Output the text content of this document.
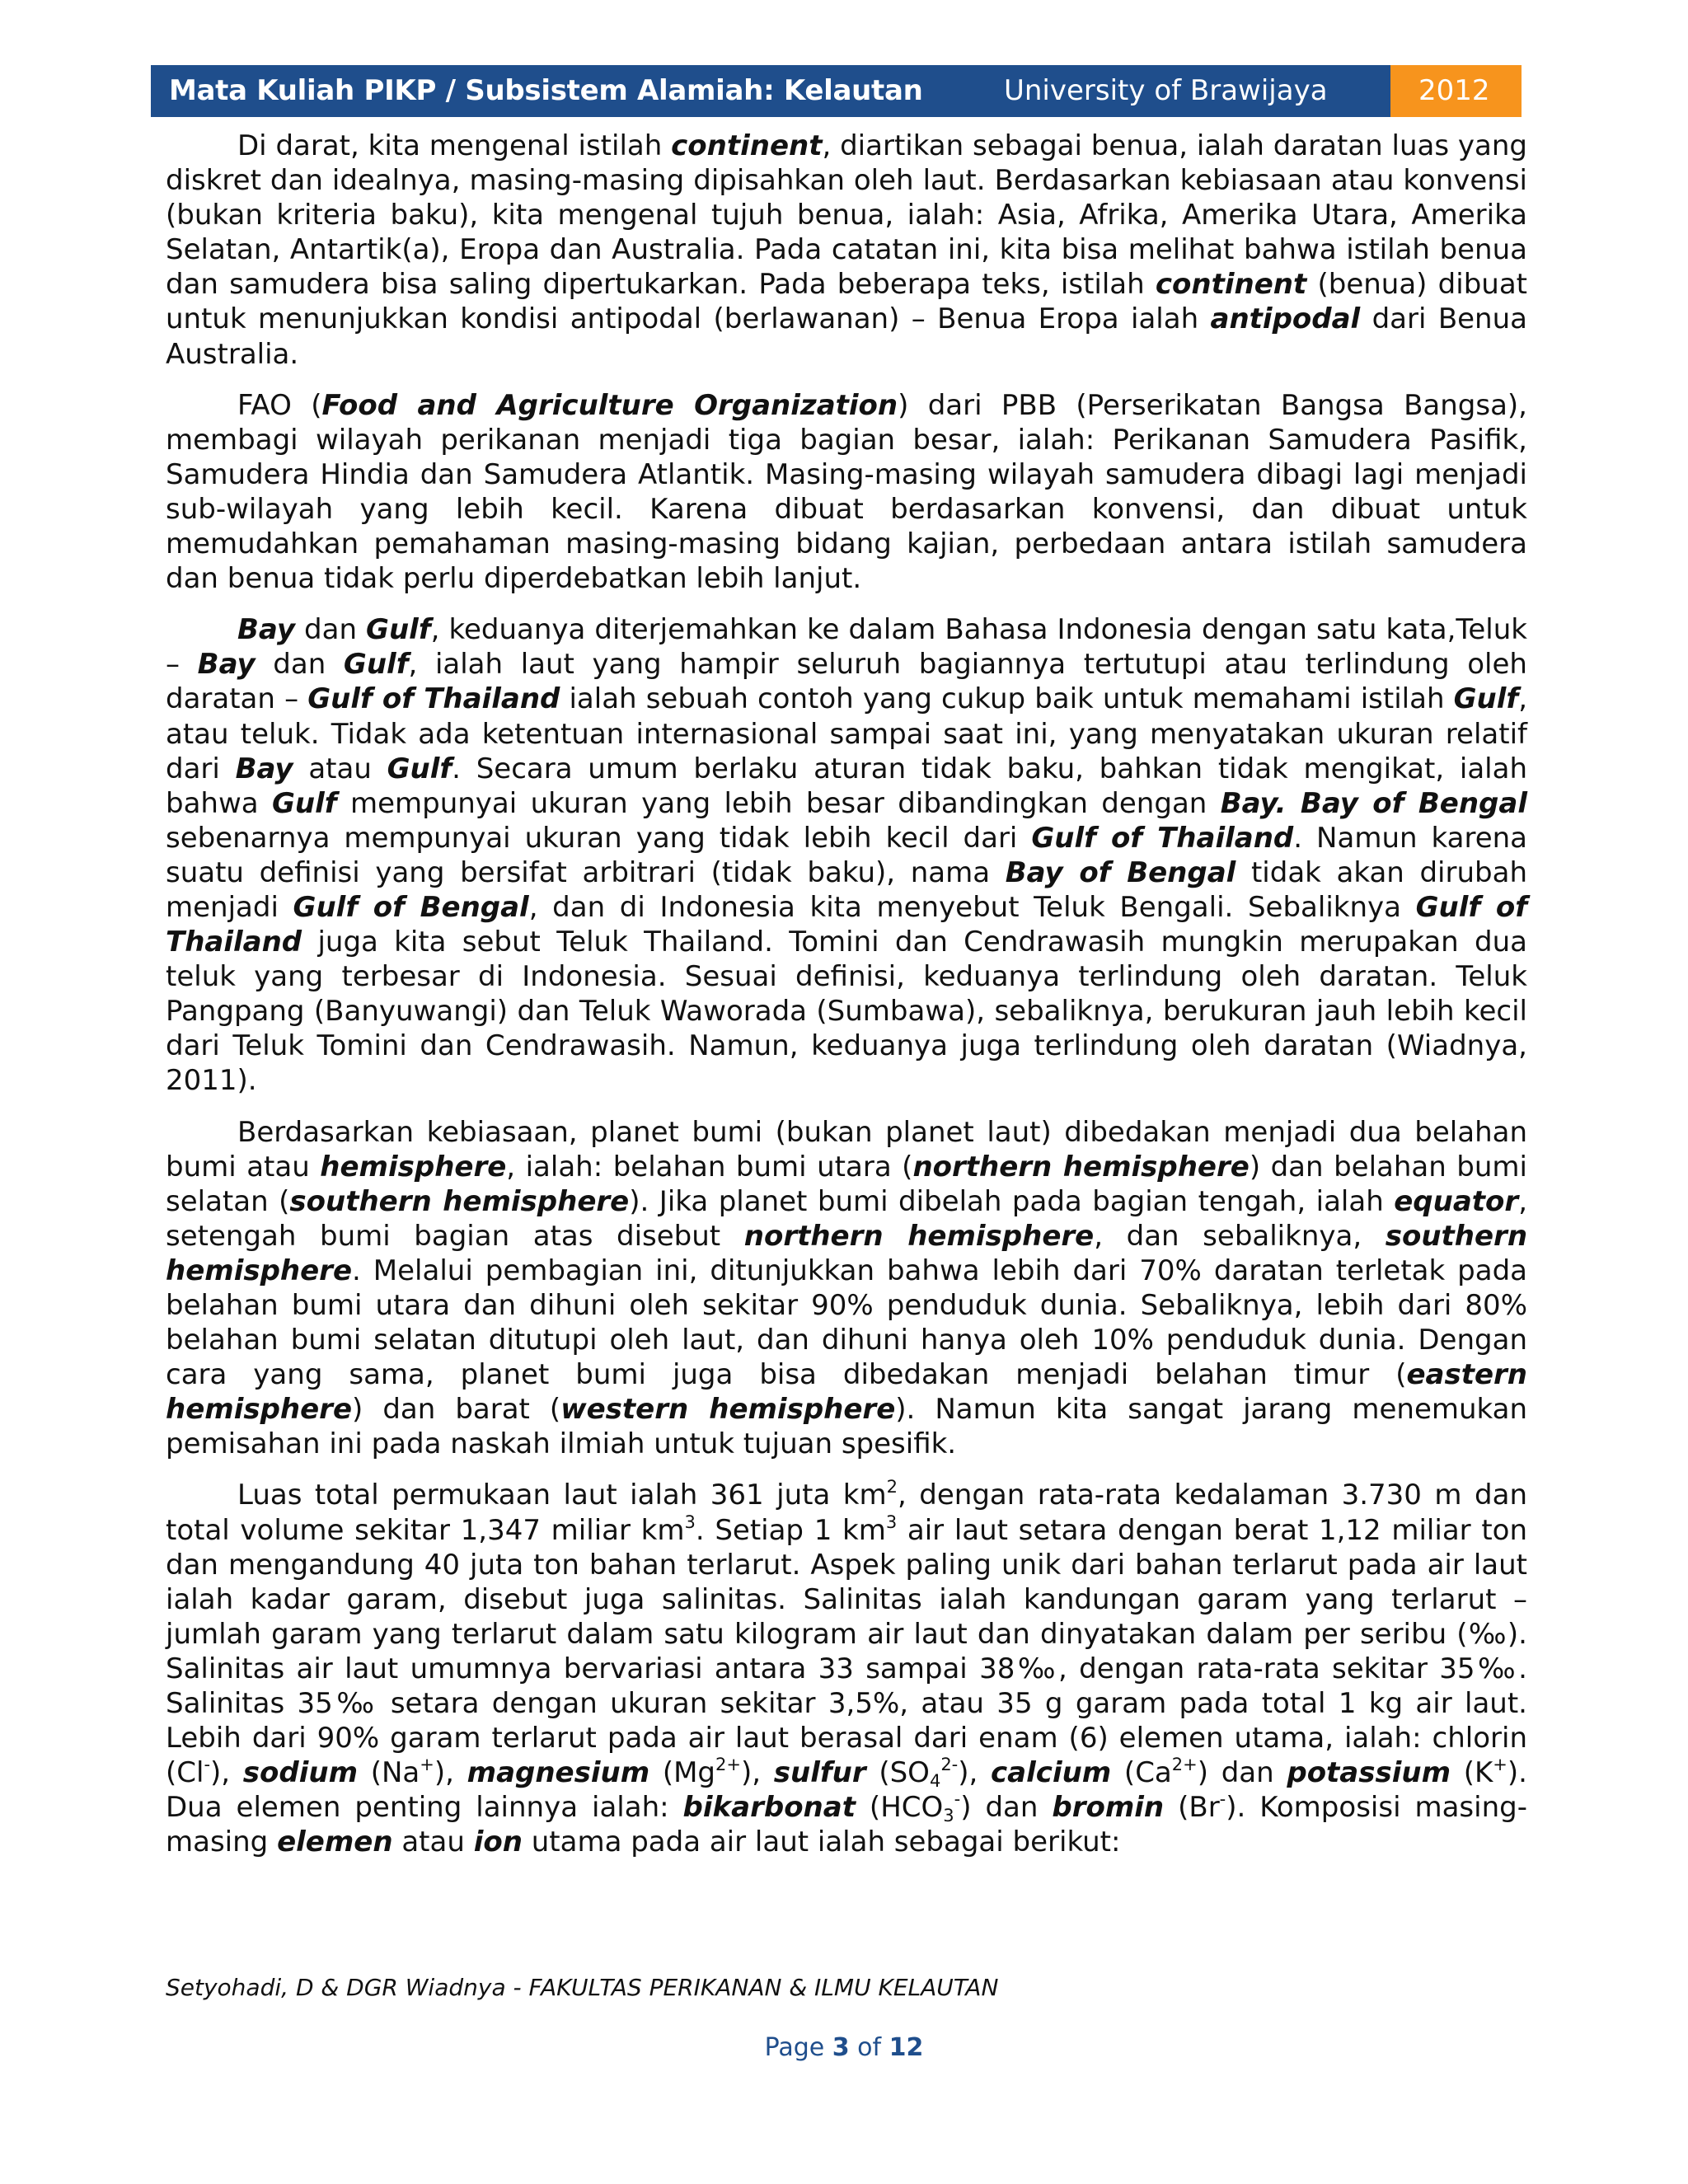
Mata Kuliah PIKP / Subsistem Alamiah: Kelautan	University of Brawijaya	2012

Di darat, kita mengenal istilah continent, diartikan sebagai benua, ialah daratan luas yang diskret dan idealnya, masing-masing dipisahkan oleh laut. Berdasarkan kebiasaan atau konvensi (bukan kriteria baku), kita mengenal tujuh benua, ialah: Asia, Afrika, Amerika Utara, Amerika Selatan, Antartik(a), Eropa dan Australia. Pada catatan ini, kita bisa melihat bahwa istilah benua dan samudera bisa saling dipertukarkan. Pada beberapa teks, istilah continent (benua) dibuat untuk menunjukkan kondisi antipodal (berlawanan) – Benua Eropa ialah antipodal dari Benua Australia.

FAO (Food and Agriculture Organization) dari PBB (Perserikatan Bangsa Bangsa), membagi wilayah perikanan menjadi tiga bagian besar, ialah: Perikanan Samudera Pasifik, Samudera Hindia dan Samudera Atlantik. Masing-masing wilayah samudera dibagi lagi menjadi sub-wilayah yang lebih kecil. Karena dibuat berdasarkan konvensi, dan dibuat untuk memudahkan pemahaman masing-masing bidang kajian, perbedaan antara istilah samudera dan benua tidak perlu diperdebatkan lebih lanjut.

Bay dan Gulf, keduanya diterjemahkan ke dalam Bahasa Indonesia dengan satu kata,Teluk – Bay dan Gulf, ialah laut yang hampir seluruh bagiannya tertutupi atau terlindung oleh daratan – Gulf of Thailand ialah sebuah contoh yang cukup baik untuk memahami istilah Gulf, atau teluk. Tidak ada ketentuan internasional sampai saat ini, yang menyatakan ukuran relatif dari Bay atau Gulf. Secara umum berlaku aturan tidak baku, bahkan tidak mengikat, ialah bahwa Gulf mempunyai ukuran yang lebih besar dibandingkan dengan Bay. Bay of Bengal sebenarnya mempunyai ukuran yang tidak lebih kecil dari Gulf of Thailand. Namun karena suatu definisi yang bersifat arbitrari (tidak baku), nama Bay of Bengal tidak akan dirubah menjadi Gulf of Bengal, dan di Indonesia kita menyebut Teluk Bengali. Sebaliknya Gulf of Thailand juga kita sebut Teluk Thailand. Tomini dan Cendrawasih mungkin merupakan dua teluk yang terbesar di Indonesia. Sesuai definisi, keduanya terlindung oleh daratan. Teluk Pangpang (Banyuwangi) dan Teluk Waworada (Sumbawa), sebaliknya, berukuran jauh lebih kecil dari Teluk Tomini dan Cendrawasih. Namun, keduanya juga terlindung oleh daratan (Wiadnya, 2011).

Berdasarkan kebiasaan, planet bumi (bukan planet laut) dibedakan menjadi dua belahan bumi atau hemisphere, ialah: belahan bumi utara (northern hemisphere) dan belahan bumi selatan (southern hemisphere). Jika planet bumi dibelah pada bagian tengah, ialah equator, setengah bumi bagian atas disebut northern hemisphere, dan sebaliknya, southern hemisphere. Melalui pembagian ini, ditunjukkan bahwa lebih dari 70% daratan terletak pada belahan bumi utara dan dihuni oleh sekitar 90% penduduk dunia. Sebaliknya, lebih dari 80% belahan bumi selatan ditutupi oleh laut, dan dihuni hanya oleh 10% penduduk dunia. Dengan cara yang sama, planet bumi juga bisa dibedakan menjadi belahan timur (eastern hemisphere) dan barat (western hemisphere). Namun kita sangat jarang menemukan pemisahan ini pada naskah ilmiah untuk tujuan spesifik.

Luas total permukaan laut ialah 361 juta $km^2$, dengan rata-rata kedalaman 3.730 m dan total volume sekitar 1,347 miliar $km^3$. Setiap 1 $km^3$ air laut setara dengan berat 1,12 miliar ton dan mengandung 40 juta ton bahan terlarut. Aspek paling unik dari bahan terlarut pada air laut ialah kadar garam, disebut juga salinitas. Salinitas ialah kandungan garam yang terlarut – jumlah garam yang terlarut dalam satu kilogram air laut dan dinyatakan dalam per seribu (‰). Salinitas air laut umumnya bervariasi antara 33 sampai 38‰, dengan rata-rata sekitar 35‰. Salinitas 35‰ setara dengan ukuran sekitar 3,5%, atau 35 g garam pada total 1 kg air laut. Lebih dari 90% garam terlarut pada air laut berasal dari enam (6) elemen utama, ialah: chlorin (Cl-), sodium (Na+), magnesium $(Mg^{2+})$, sulfur $(SO_4^{2-})$, calcium $(Ca^{2+})$ dan potassium (K+). Dua elemen penting lainnya ialah: bikarbonat $(HCO_3^-)$ dan bromin (Br-). Komposisi masing-masing elemen atau ion utama pada air laut ialah sebagai berikut:

Setyohadi, D & DGR Wiadnya - FAKULTAS PERIKANAN & ILMU KELAUTAN
Page 3 of 12
